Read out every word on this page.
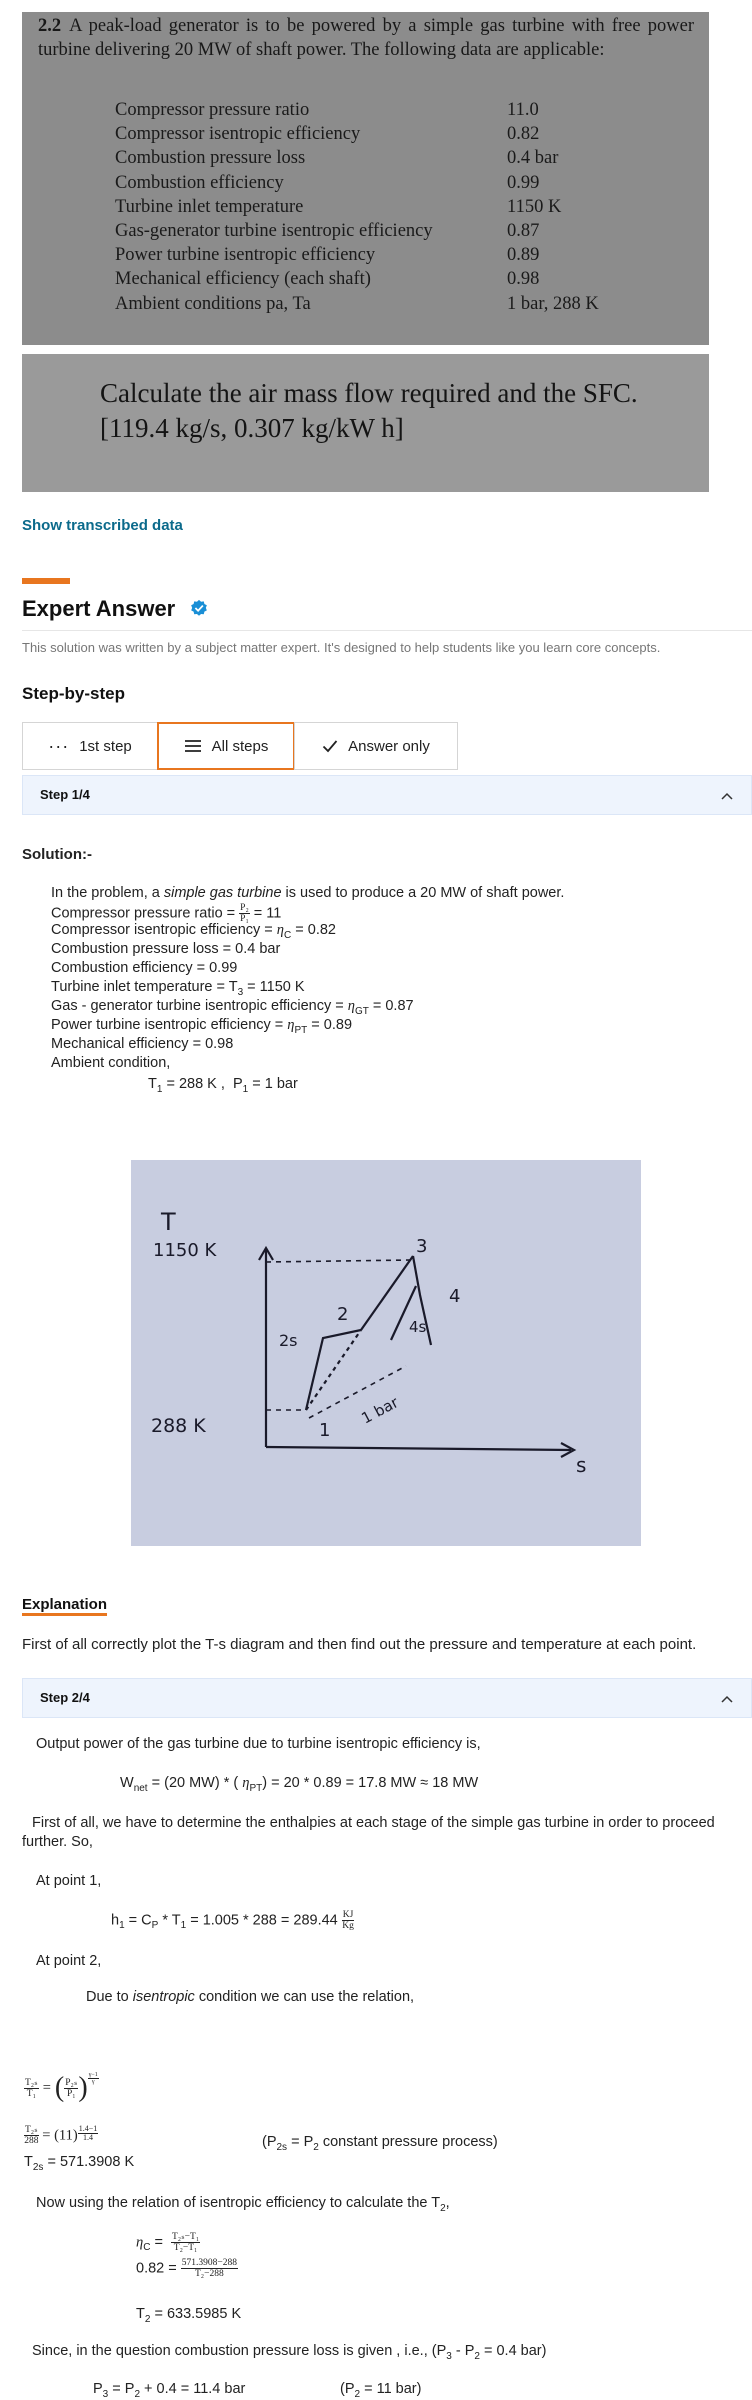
2.2 A peak-load generator is to be powered by a simple gas turbine with free power turbine delivering 20 MW of shaft power. The following data are applicable:
Compressor pressure ratio	11.0
Compressor isentropic efficiency	0.82
Combustion pressure loss	0.4 bar
Combustion efficiency	0.99
Turbine inlet temperature	1150 K
Gas-generator turbine isentropic efficiency	0.87
Power turbine isentropic efficiency	0.89
Mechanical efficiency (each shaft)	0.98
Ambient conditions pa, Ta	1 bar, 288 K
Calculate the air mass flow required and the SFC.
[119.4 kg/s, 0.307 kg/kW h]
Show transcribed data
Expert Answer
This solution was written by a subject matter expert. It's designed to help students like you learn core concepts.
Step-by-step
··· 1st step	All steps	Answer only
Step 1/4
Solution:-
In the problem, a simple gas turbine is used to produce a 20 MW of shaft power.
Compressor pressure ratio = $\frac{\text{P₂}}{\text{P₁}} = 11$
Compressor isentropic efficiency = $\eta_C = 0.82$
Combustion pressure loss = 0.4 bar
Combustion efficiency = 0.99
Turbine inlet temperature = $T_3 = 1150$ K
Gas - generator turbine isentropic efficiency = $\eta_{GT} = 0.87$
Power turbine isentropic efficiency = $\eta_{PT} = 0.89$
Mechanical efficiency = 0.98
Ambient condition,
$T_1 = 288$ K , $P_1 = 1$ bar
T
1150 K
288 K
s
1
2
2s
3
4
4s
1 bar
Explanation
First of all correctly plot the T-s diagram and then find out the pressure and temperature at each point.
Step 2/4
Output power of the gas turbine due to turbine isentropic efficiency is,
$W_{net} = (20$ MW) * ( $\eta_{PT}) = 20 * 0.89 = 17.8$ MW ≈ 18 MW
First of all, we have to determine the enthalpies at each stage of the simple gas turbine in order to proceed further. So,
At point 1,
$h_1 = C_P * T_1 = 1.005 * 288 = 289.44 \frac{KJ}{Kg}$
At point 2,
Due to isentropic condition we can use the relation,
$\frac{\text{T₂ₛ}}{\text{T₁}}$ = ( $\frac{\text{P₂ₛ}}{\text{P₁}}$ ) $\frac{\gamma-1}{\gamma}$
$\frac{\text{T₂ₛ}}{288} = (11) \frac{1.4-1}{1.4}$	($P_{2s} = P_2$ constant pressure process)
$T_{2s} = 571.3908$ K
Now using the relation of isentropic efficiency to calculate the $T_2$,
$\eta_C = \frac{\text{T₂ₛ−T₁}}{\text{T₂−T₁}}$
$0.82 = \frac{571.3908-288}{\text{T₂−288}}$
$T_2 = 633.5985$ K
Since, in the question combustion pressure loss is given , i.e., ($P_3 - P_2 = 0.4$ bar)
$P_3 = P_2 + 0.4 = 11.4$ bar	($P_2 = 11$ bar)
